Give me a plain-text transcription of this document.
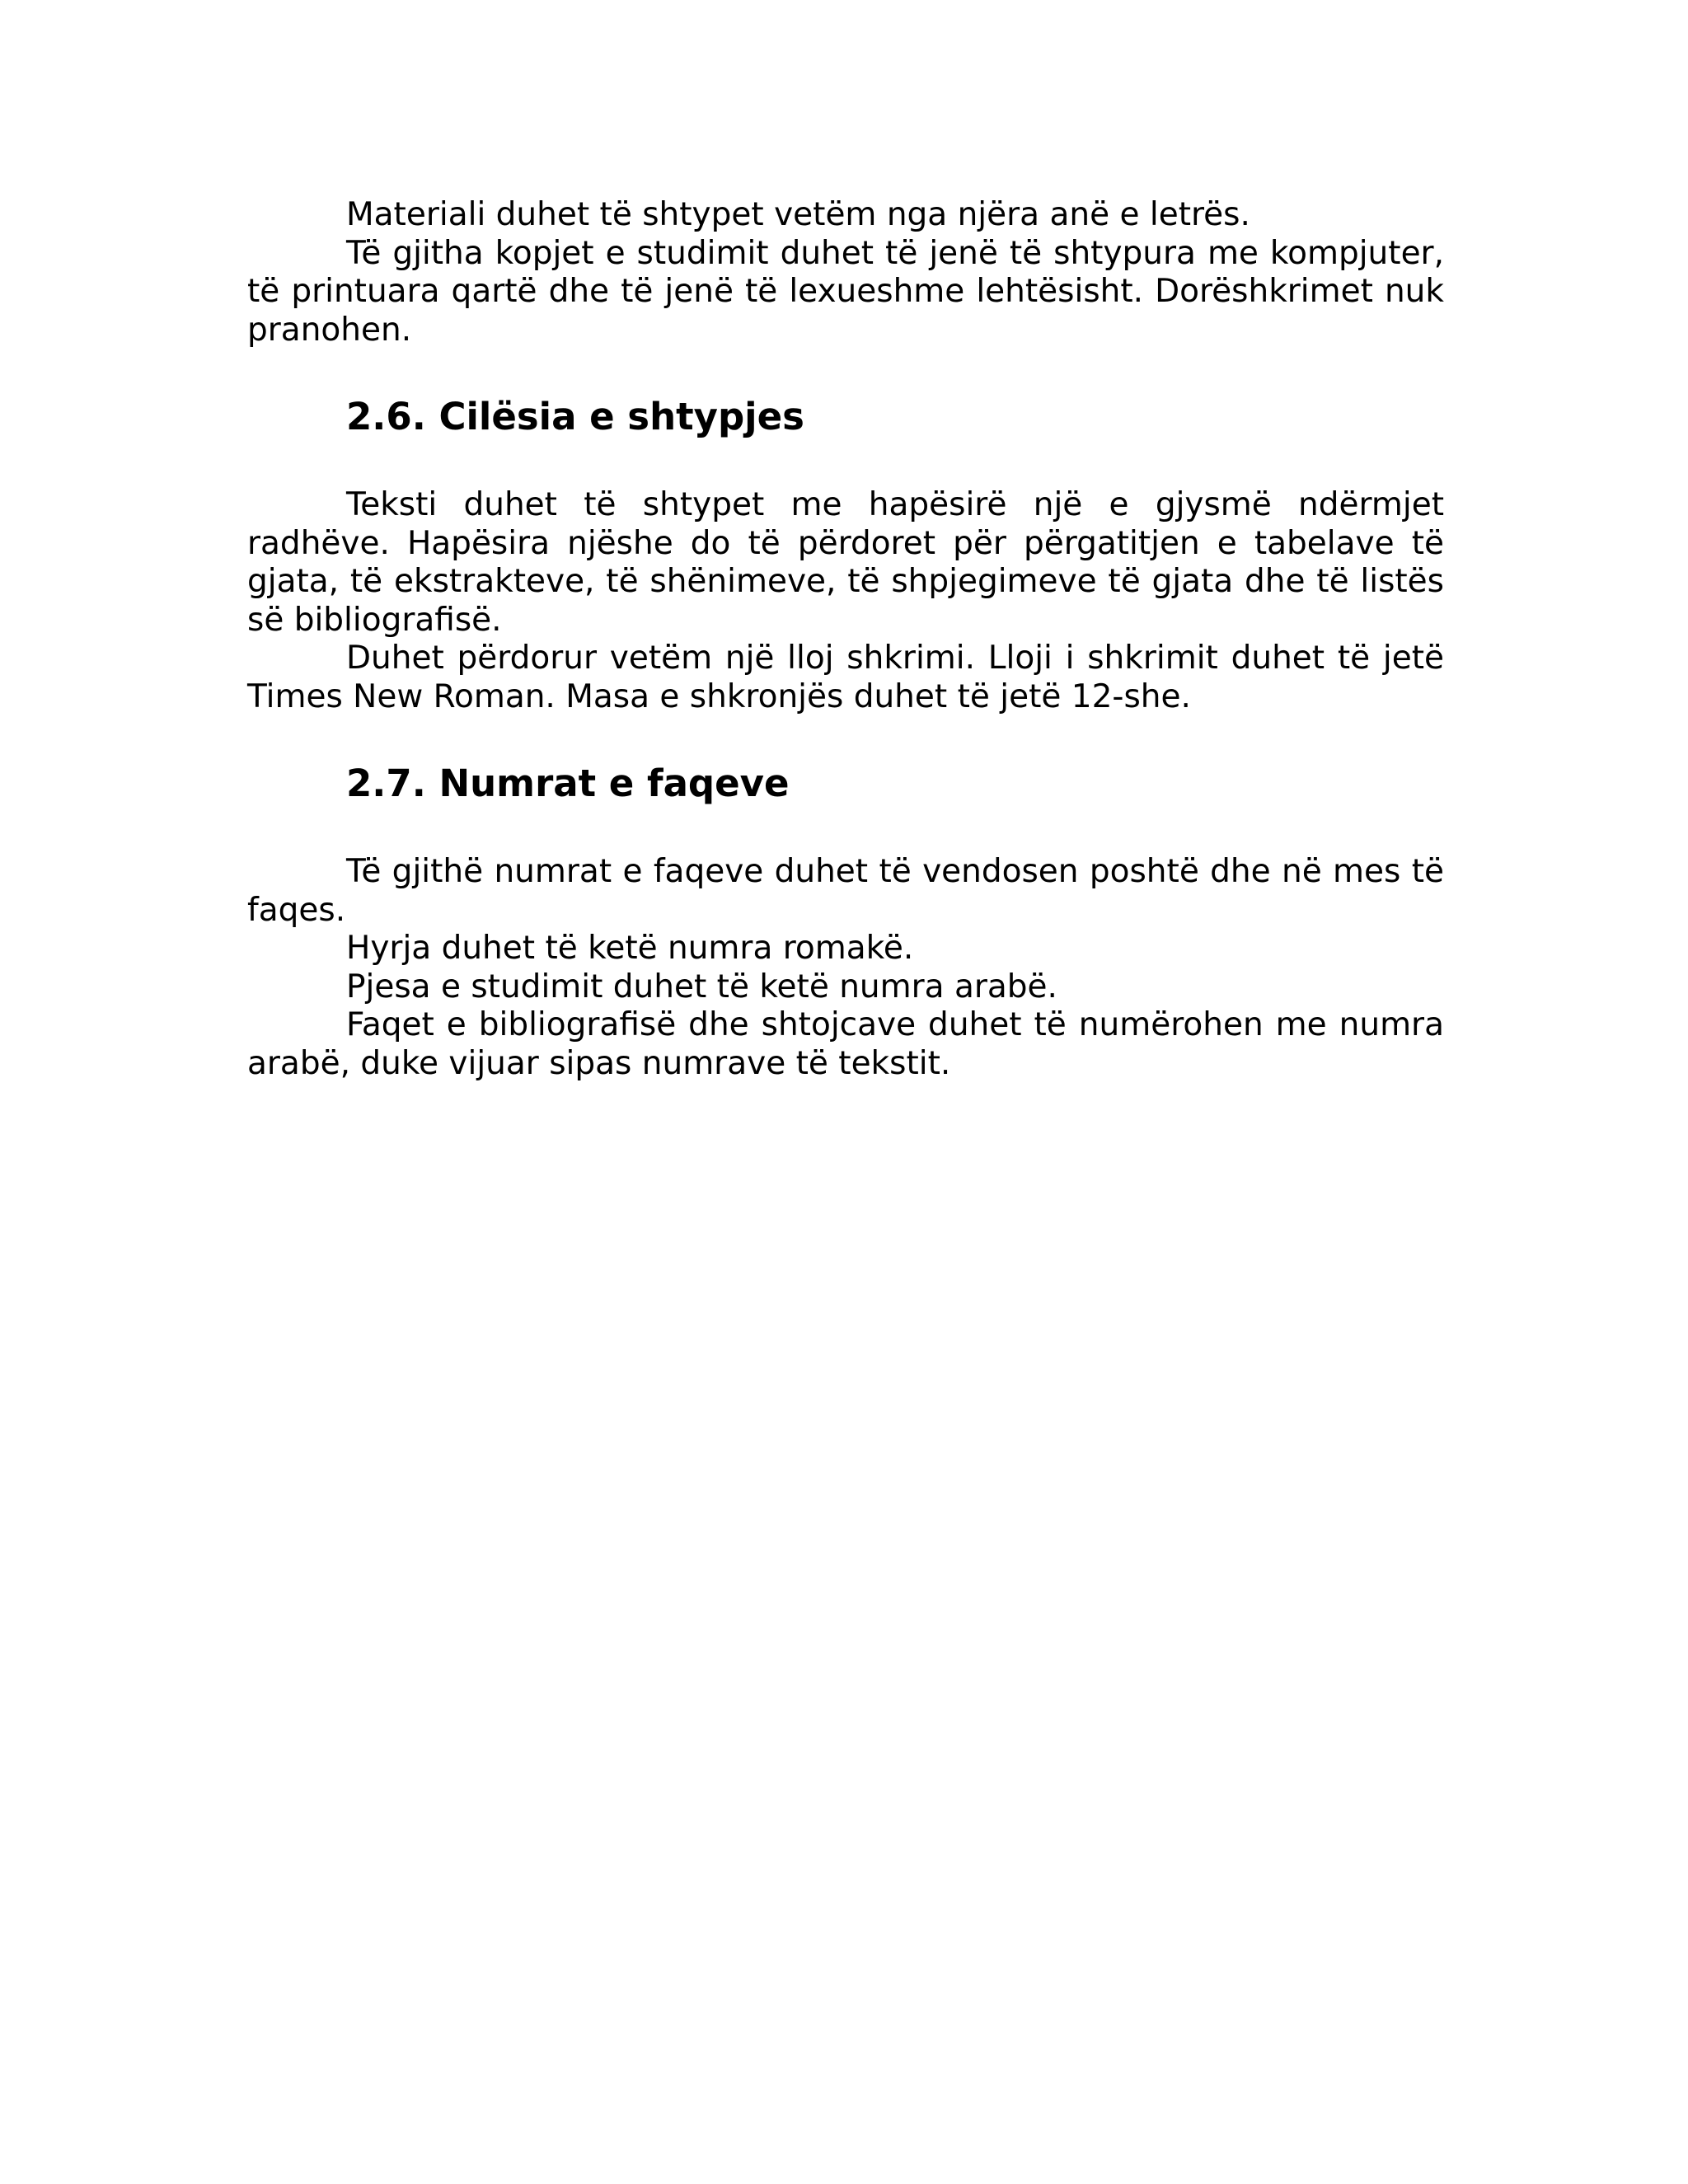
Materiali duhet të shtypet vetëm nga njëra anë e letrës.

Të gjitha kopjet e studimit duhet të jenë të shtypura me kompjuter, të printuara qartë dhe të jenë të lexueshme lehtësisht. Dorëshkrimet nuk pranohen.

2.6. Cilësia e shtypjes

Teksti duhet të shtypet me hapësirë një e gjysmë ndërmjet radhëve. Hapësira njëshe do të përdoret për përgatitjen e tabelave të gjata, të ekstrakteve, të shënimeve, të shpjegimeve të gjata dhe të listës së bibliografisë.

Duhet përdorur vetëm një lloj shkrimi. Lloji i shkrimit duhet të jetë Times New Roman. Masa e shkronjës duhet të jetë 12-she.

2.7. Numrat e faqeve

Të gjithë numrat e faqeve duhet të vendosen poshtë dhe në mes të faqes.

Hyrja duhet të ketë numra romakë.

Pjesa e studimit duhet të ketë numra arabë.

Faqet e bibliografisë dhe shtojcave duhet të numërohen me numra arabë, duke vijuar sipas numrave të tekstit.
